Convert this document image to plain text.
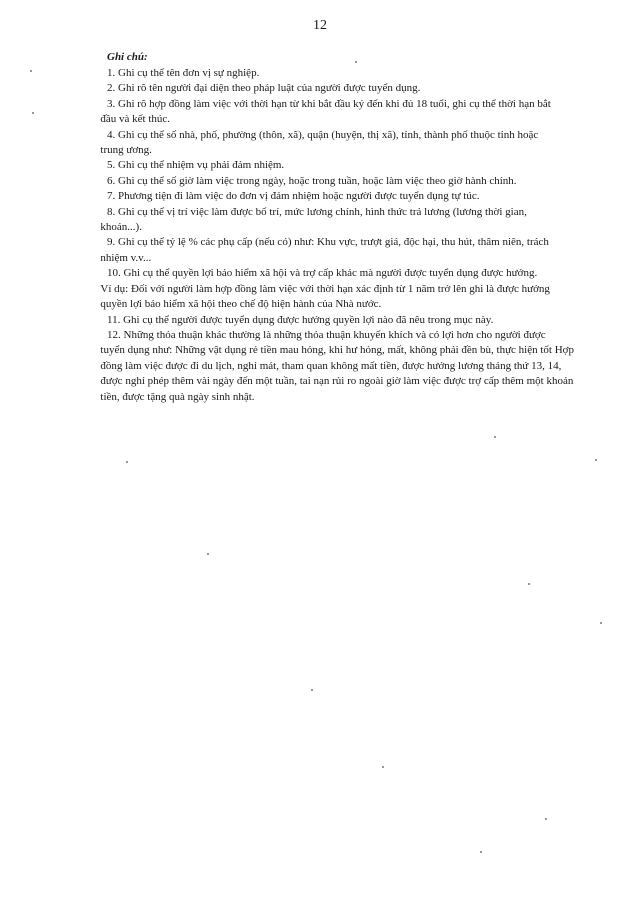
12
Ghi chú:
1. Ghi cụ thể tên đơn vị sự nghiệp.
2. Ghi rõ tên người đại diện theo pháp luật của người được tuyển dụng.
3. Ghi rõ hợp đồng làm việc với thời hạn từ khi bắt đầu ký đến khi đủ 18 tuổi, ghi cụ thể thời hạn bắt
đầu và kết thúc.
4. Ghi cụ thể số nhà, phố, phường (thôn, xã), quận (huyện, thị xã), tỉnh, thành phố thuộc tỉnh hoặc
trung ương.
5. Ghi cụ thể nhiệm vụ phải đảm nhiệm.
6. Ghi cụ thể số giờ làm việc trong ngày, hoặc trong tuần, hoặc làm việc theo giờ hành chính.
7. Phương tiện đi làm việc do đơn vị đảm nhiệm hoặc người được tuyển dụng tự túc.
8. Ghi cụ thể vị trí việc làm được bố trí, mức lương chính, hình thức trả lương (lương thời gian,
khoán...).
9. Ghi cụ thể tỷ lệ % các phụ cấp (nếu có) như: Khu vực, trượt giá, độc hại, thu hút, thâm niên, trách
nhiệm v.v...
10. Ghi cụ thể quyền lợi bảo hiểm xã hội và trợ cấp khác mà người được tuyển dụng được hưởng.
Ví dụ: Đối với người làm hợp đồng làm việc với thời hạn xác định từ 1 năm trở lên ghi là được hưởng
quyền lợi bảo hiểm xã hội theo chế độ hiện hành của Nhà nước.
11. Ghi cụ thể người được tuyển dụng được hưởng quyền lợi nào đã nêu trong mục này.
12. Những thỏa thuận khác thường là những thỏa thuận khuyến khích và có lợi hơn cho người được
tuyển dụng như: Những vật dụng rẻ tiền mau hỏng, khi hư hỏng, mất, không phải đền bù, thực hiện tốt Hợp
đồng làm việc được đi du lịch, nghỉ mát, tham quan không mất tiền, được hưởng lương tháng thứ 13, 14,
được nghỉ phép thêm vài ngày đến một tuần, tai nạn rủi ro ngoài giờ làm việc được trợ cấp thêm một khoản
tiền, được tặng quà ngày sinh nhật.
